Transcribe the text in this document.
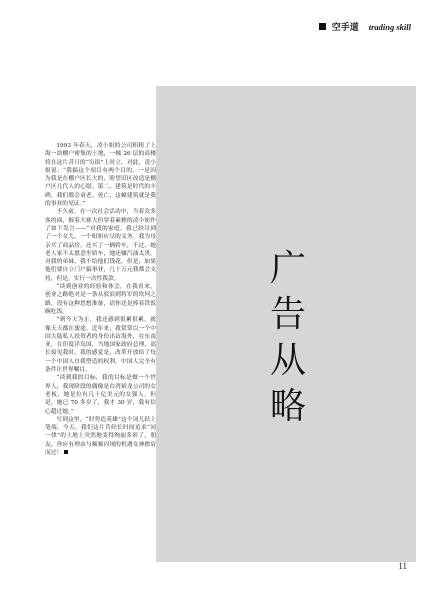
空手道 trading skill
广
告
从
略

1993 年春天，凌小姐的公司租租了上海一块棚户密集的土地，一幢 26 层的高楼将在这片昔日的“穷街”上耸立。对此，凌小姐说：“我搞这个项目有两个目的，一是因为我是在棚户区长大的，盼望旧区改造是棚户区几代人的心愿；第二，建筑是时代的丰碑，我们都会衰老、死亡，这幢建筑就是我的事业的见证。”

不久前，在一次社会活动中，当着众多客的面，握着大赛大但穿着素雅的凌小姐作了如下发言——“对我的家庭，我已经尽到了一个女儿、一个姐姐应尽的义务。我为母亲买了商品房，还买了一辆轿车，不过，她老人家不太愿意坐轿车，她还嫌汽油太贵。对我的弟妹，我不给他们钱花，但是，如果他们要自立门户搞事业，几十万元我都会支持，但是，实行一次性拨款。

“谈到创业的经验和体会，在我看来，创业之路绝对是一条从驳浪到将军的坎坷之路，没有这种思想准备，请你还是捧着铁饭碗吃饭。

“到今天为止，我还感到很累很累，就像天天都在旅途。近年来，我常常以一个中国大陆私人投资者的身份出访海外，在东南亚，在印度洋岛国，当地国家政府总理、部长接见我时，我的感觉是，改革开放给了每一个中国人自我塑造的权利，中国人完全有条件让世界嘱目。

“谈到我的目标，我的目标是做一个世界人，我现阶段的偶像是台湾裕龙公司的女老板，她是位有几十亿美元的女强人，但是，她已 70 多岁了，我才 30 岁，我有信心超过她。”

写到这里，“时势造英雄”这个词儿跃上笔端，今天，我们这片昔经长时间追求“同一律”的土地上突然地变得绚丽多彩了，朋友，你应有理由与频频闪现的机遇女神擦肩而过！

11
